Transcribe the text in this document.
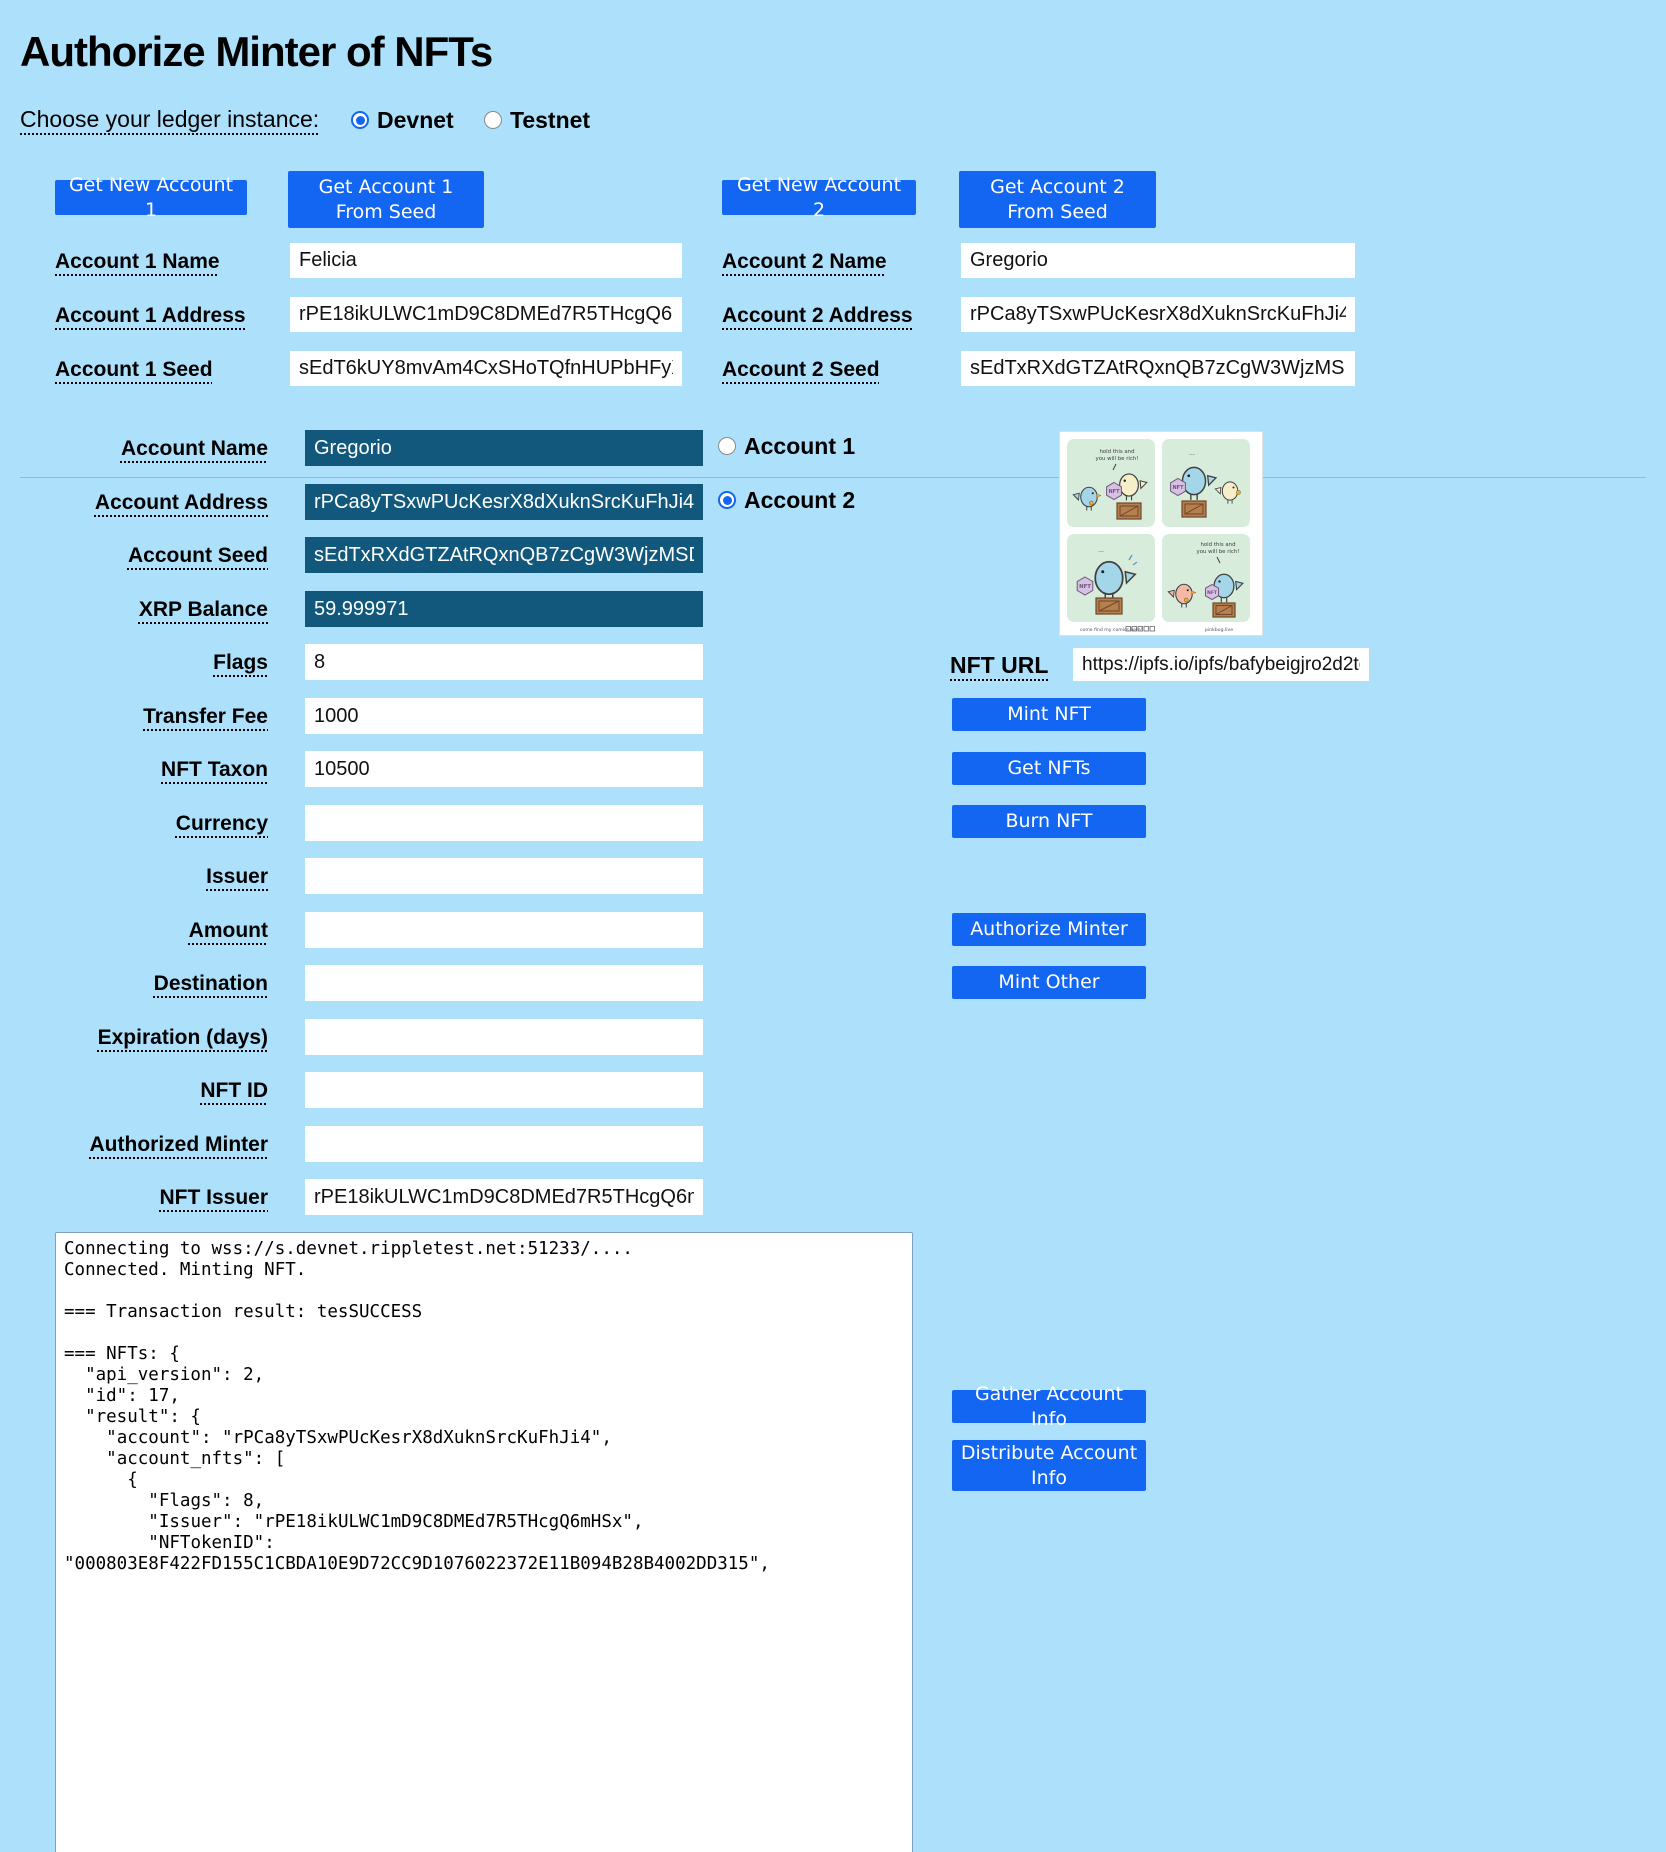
Authorize Minter of NFTs
Choose your ledger instance:	Devnet Testnet
Get New Account 1
Get Account 1 From Seed
Get New Account 2
Get Account 2 From Seed
Account 1 Name
Felicia
Account 1 Address
rPE18ikULWC1mD9C8DMEd7R5THcgQ6mHSx
Account 1 Seed
sEdT6kUY8mvAm4CxSHoTQfnHUPbHFyX
Account 2 Name
Gregorio
Account 2 Address
rPCa8yTSxwPUcKesrX8dXuknSrcKuFhJi4
Account 2 Seed
sEdTxRXdGTZAtRQxnQB7zCgW3WjzMSD
Account Name
Gregorio
Account Address
rPCa8yTSxwPUcKesrX8dXuknSrcKuFhJi4
Account Seed
sEdTxRXdGTZAtRQxnQB7zCgW3WjzMSD
XRP Balance
59.999971
Flags
8
Transfer Fee
1000
NFT Taxon
10500
Currency
Issuer
Amount
Destination
Expiration (days)
NFT ID
Authorized Minter
NFT Issuer
rPE18ikULWC1mD9C8DMEd7R5THcgQ6mHSx
Account 1
Account 2
hold this and
you will be rich!
NFT
...
NFT
...
NFT
hold this and
you will be rich!
NFT
come find my comics here!	pinkbug.live
NFT URL
https://ipfs.io/ipfs/bafybeigjro2d2tc43
Mint NFT
Get NFTs
Burn NFT
Authorize Minter
Mint Other
Gather Account Info
Distribute Account Info
Connecting to wss://s.devnet.rippletest.net:51233/.... Connected. Minting NFT. === Transaction result: tesSUCCESS === NFTs: { "api_version": 2, "id": 17, "result": { "account": "rPCa8yTSxwPUcKesrX8dXuknSrcKuFhJi4", "account_nfts": [ { "Flags": 8, "Issuer": "rPE18ikULWC1mD9C8DMEd7R5THcgQ6mHSx", "NFTokenID": "000803E8F422FD155C1CBDA10E9D72CC9D1076022372E11B094B28B4002DD315",
